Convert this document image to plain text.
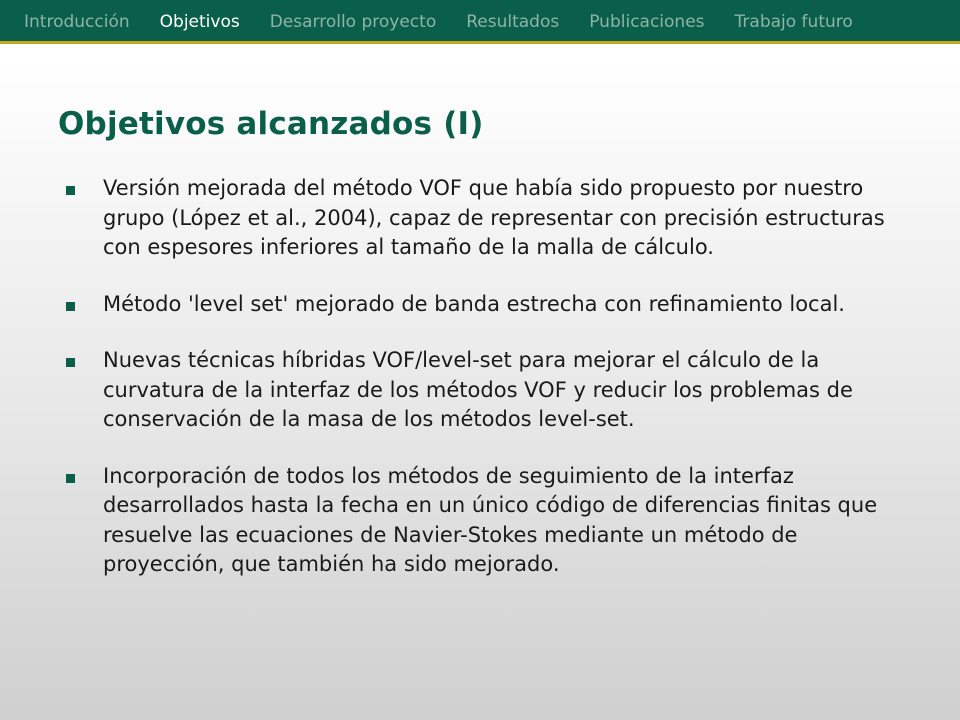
Introducción Objetivos Desarrollo proyecto Resultados Publicaciones Trabajo futuro
Objetivos alcanzados (I)
Versión mejorada del método VOF que había sido propuesto por nuestro grupo (López et al., 2004), capaz de representar con precisión estructuras con espesores inferiores al tamaño de la malla de cálculo.
Método 'level set' mejorado de banda estrecha con refinamiento local.
Nuevas técnicas híbridas VOF/level-set para mejorar el cálculo de la curvatura de la interfaz de los métodos VOF y reducir los problemas de conservación de la masa de los métodos level-set.
Incorporación de todos los métodos de seguimiento de la interfaz desarrollados hasta la fecha en un único código de diferencias finitas que resuelve las ecuaciones de Navier-Stokes mediante un método de proyección, que también ha sido mejorado.
